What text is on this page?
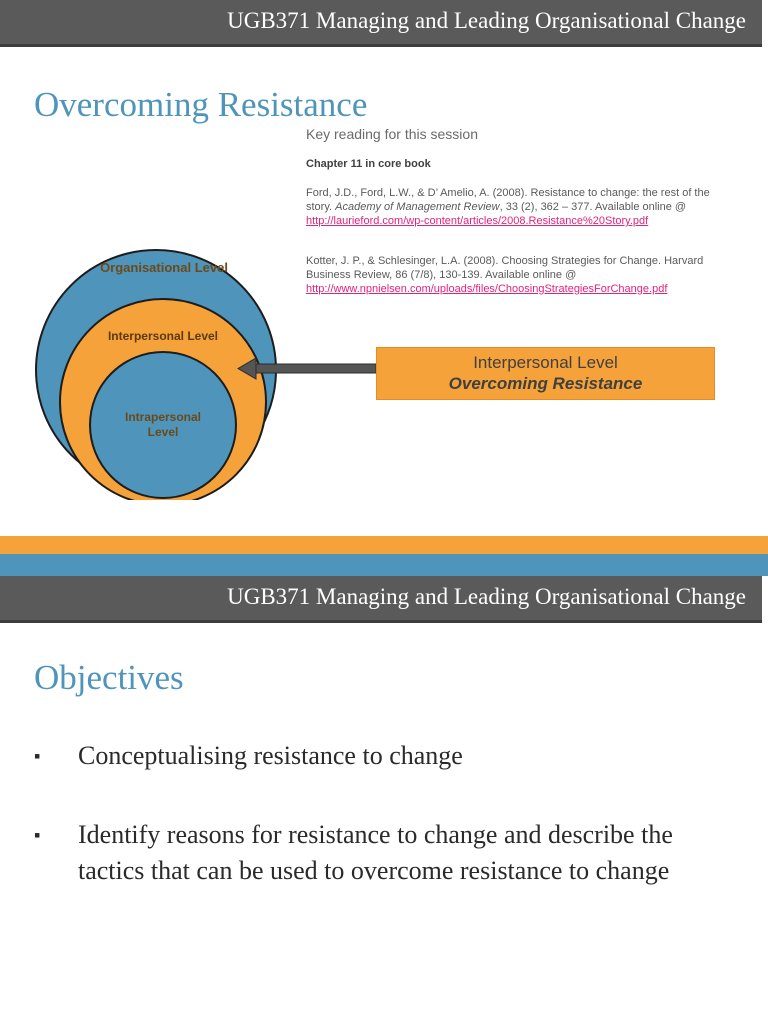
UGB371 Managing and Leading Organisational Change
Overcoming Resistance
Key reading for this session
Chapter 11 in core book
Ford, J.D., Ford, L.W., & D’ Amelio, A. (2008). Resistance to change: the rest of the story. Academy of Management Review, 33 (2), 362 – 377. Available online @
http://laurieford.com/wp-content/articles/2008.Resistance%20Story.pdf
Kotter, J. P., & Schlesinger, L.A. (2008). Choosing Strategies for Change. Harvard Business Review, 86 (7/8), 130-139. Available online @
http://www.npnielsen.com/uploads/files/ChoosingStrategiesForChange.pdf
Organisational Level
Interpersonal Level
Intrapersonal
Level
Interpersonal Level
Overcoming Resistance
UGB371 Managing and Leading Organisational Change
Objectives
▪ Conceptualising resistance to change
▪ Identify reasons for resistance to change and describe the tactics that can be used to overcome resistance to change
